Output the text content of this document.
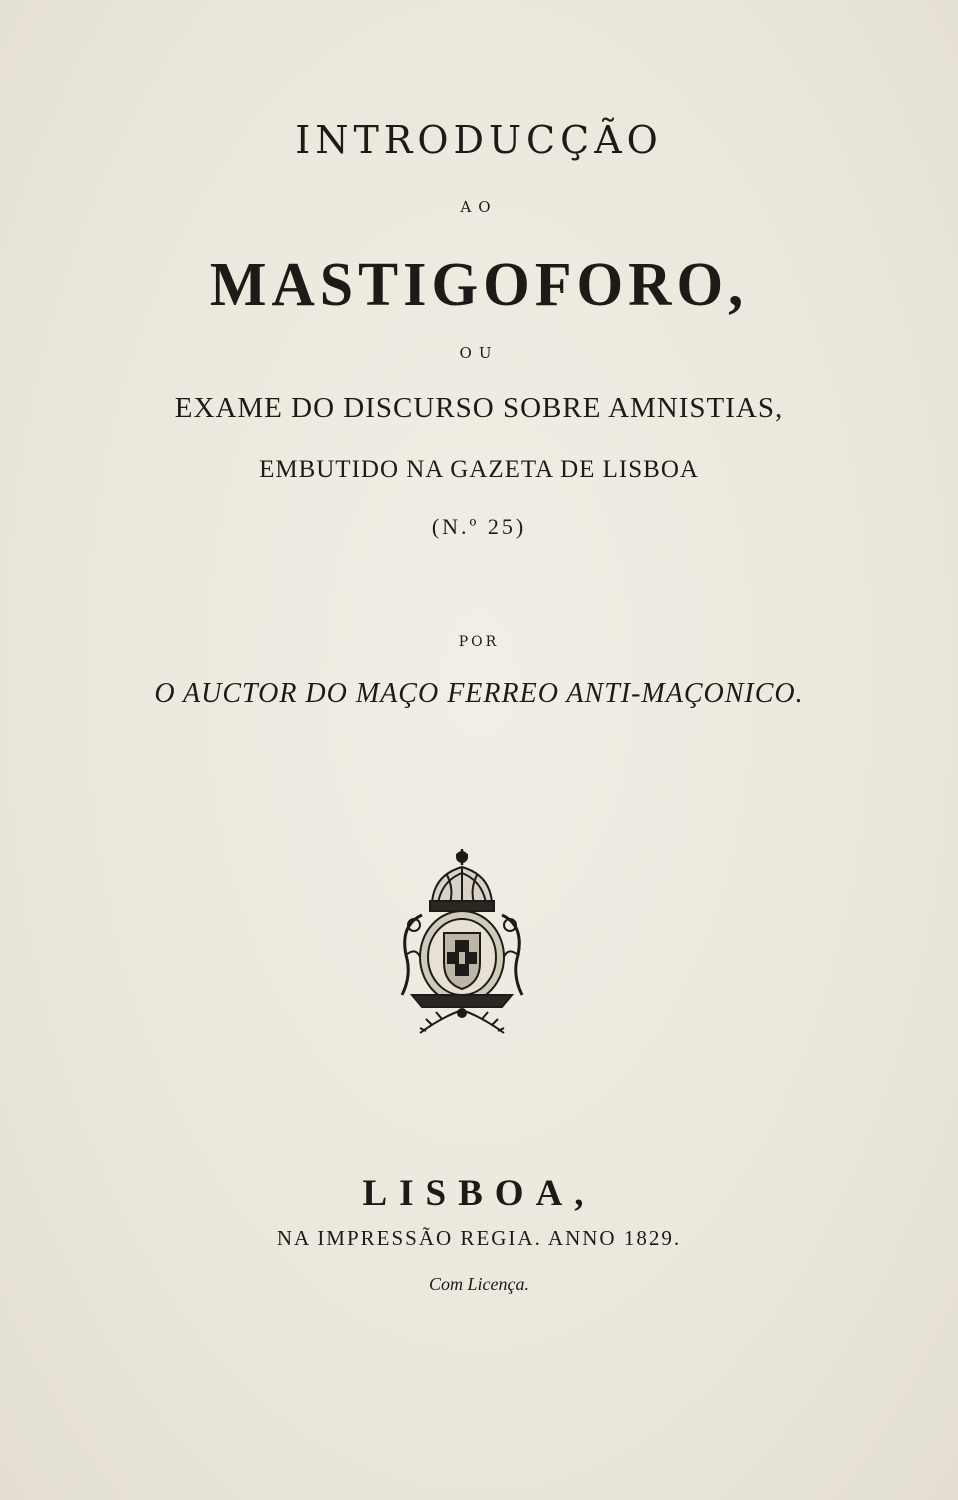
INTRODUCÇÃO
AO
MASTIGOFORO,
OU
EXAME DO DISCURSO SOBRE AMNISTIAS,
EMBUTIDO NA GAZETA DE LISBOA
(N.º 25)
POR
O AUCTOR DO MAÇO FERREO ANTI-MAÇONICO.
LISBOA,
NA IMPRESSÃO REGIA. ANNO 1829.
Com Licença.
